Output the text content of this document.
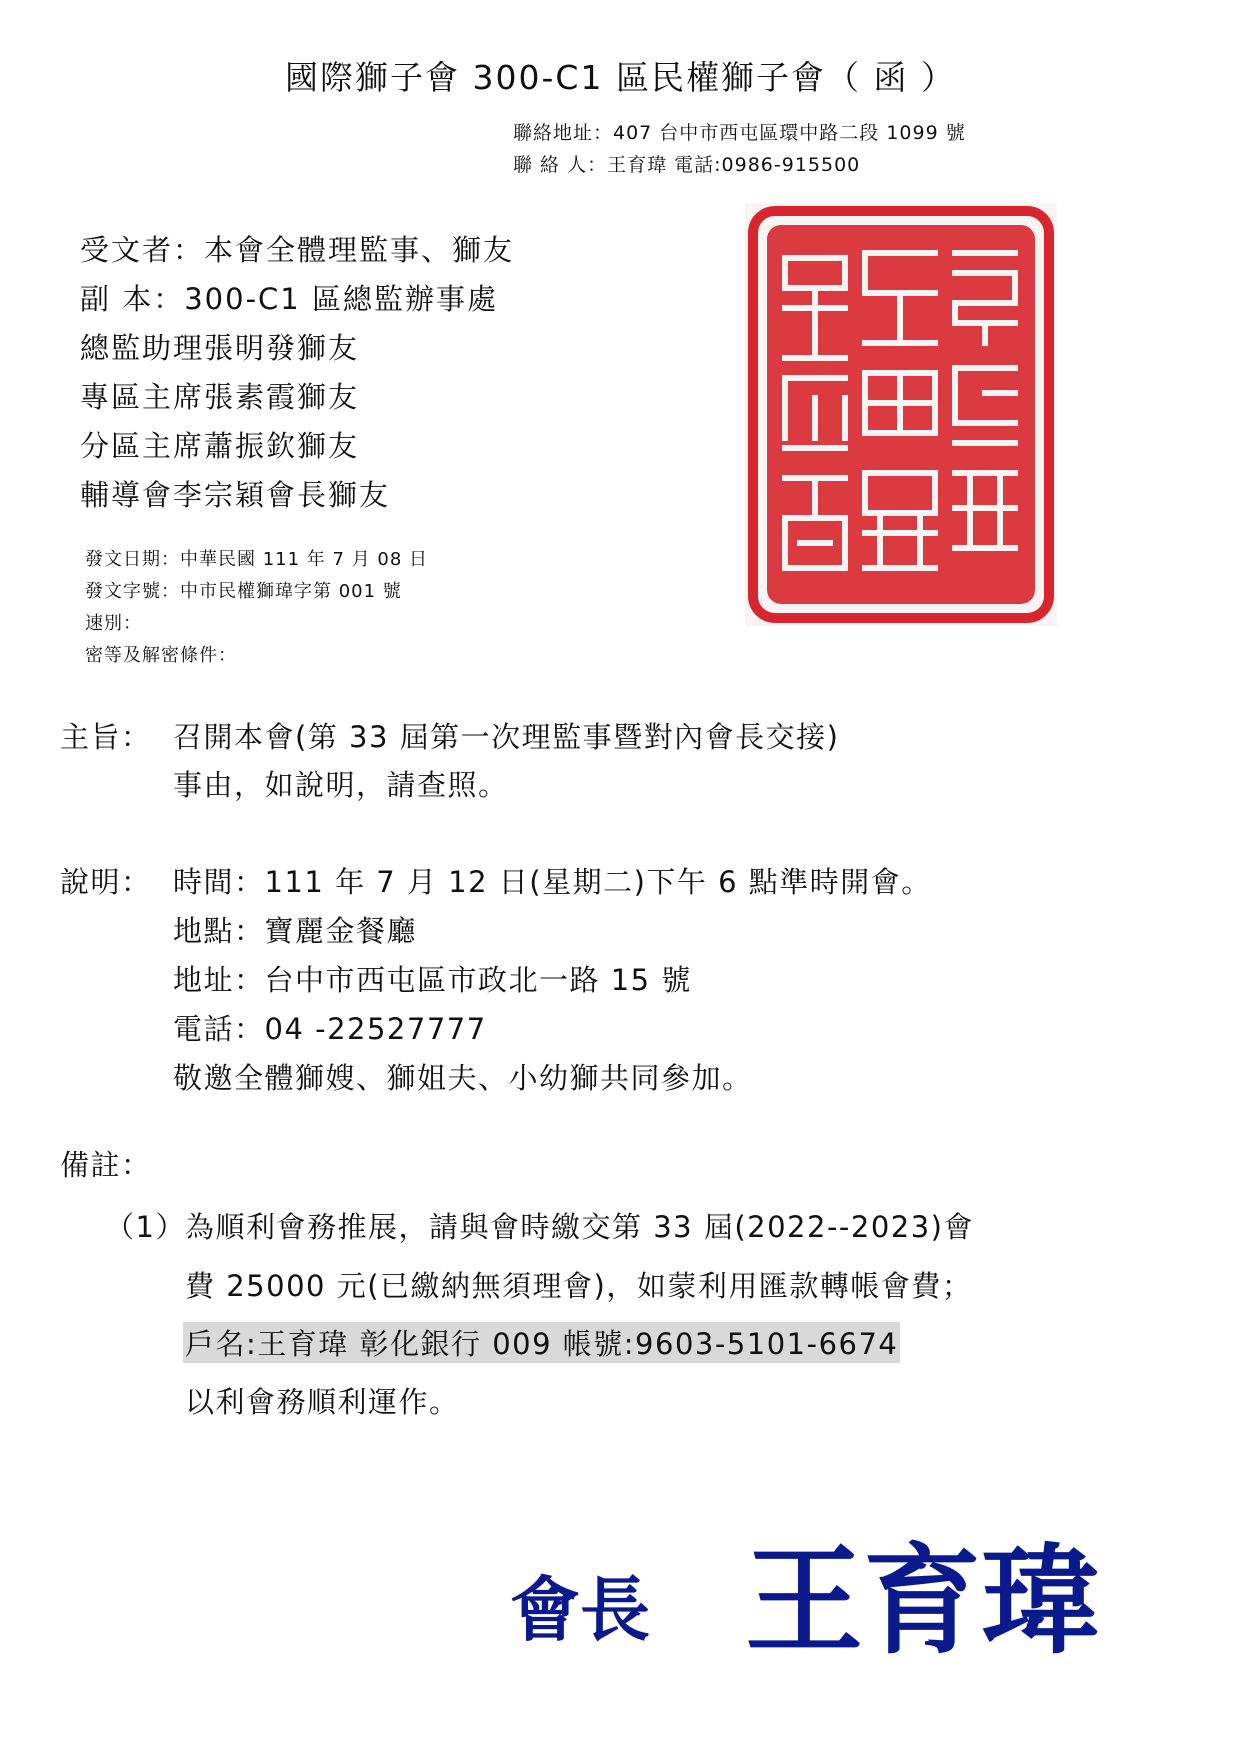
國際獅子會 300-C1 區民權獅子會（ 函 ）
聯絡地址：407 台中市西屯區環中路二段 1099 號
聯 絡 人：王育瑋 電話:0986-915500
受文者：本會全體理監事、獅友
副 本：300-C1 區總監辦事處
總監助理張明發獅友
專區主席張素霞獅友
分區主席蕭振欽獅友
輔導會李宗穎會長獅友
發文日期：中華民國 111 年 7 月 08 日
發文字號：中市民權獅瑋字第 001 號
速別：
密等及解密條件：
主旨： 召開本會(第 33 屆第一次理監事暨對內會長交接)
事由，如說明，請查照。
說明： 時間：111 年 7 月 12 日(星期二)下午 6 點準時開會。
地點：寶麗金餐廳
地址：台中市西屯區市政北一路 15 號
電話：04 -22527777
敬邀全體獅嫂、獅姐夫、小幼獅共同參加。
備註：
（1） 為順利會務推展，請與會時繳交第 33 屆(2022--2023)會
費 25000 元(已繳納無須理會)，如蒙利用匯款轉帳會費；
戶名:王育瑋 彰化銀行 009 帳號:9603-5101-6674
以利會務順利運作。
會長 王育瑋
